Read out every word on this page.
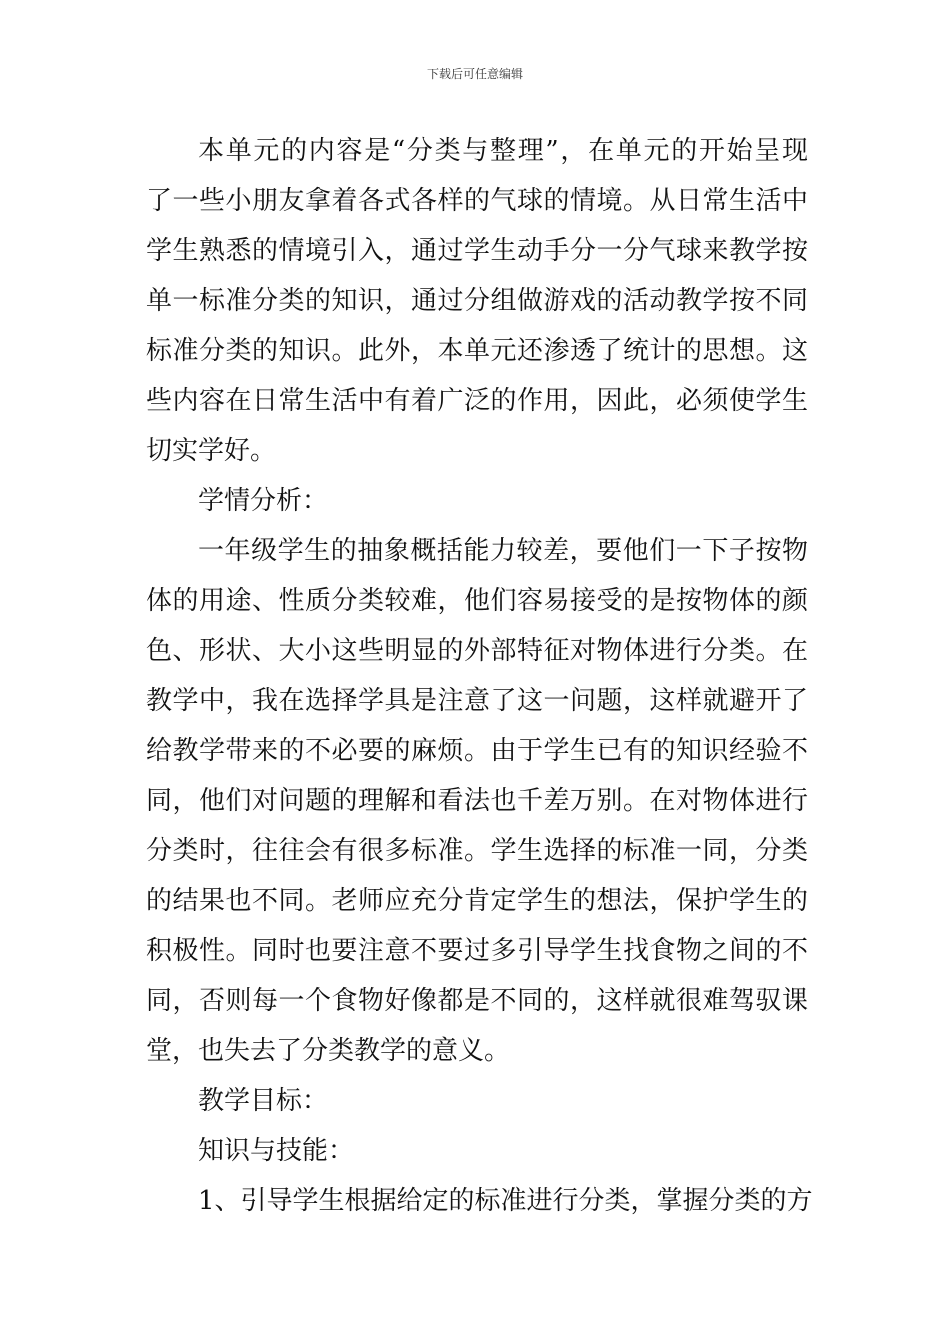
下载后可任意编辑
本单元的内容是“分类与整理”，在单元的开始呈现
了一些小朋友拿着各式各样的气球的情境。从日常生活中
学生熟悉的情境引入，通过学生动手分一分气球来教学按
单一标准分类的知识，通过分组做游戏的活动教学按不同
标准分类的知识。此外，本单元还渗透了统计的思想。这
些内容在日常生活中有着广泛的作用，因此，必须使学生
切实学好。
学情分析：
一年级学生的抽象概括能力较差，要他们一下子按物
体的用途、性质分类较难，他们容易接受的是按物体的颜
色、形状、大小这些明显的外部特征对物体进行分类。在
教学中，我在选择学具是注意了这一问题，这样就避开了
给教学带来的不必要的麻烦。由于学生已有的知识经验不
同，他们对问题的理解和看法也千差万别。在对物体进行
分类时，往往会有很多标准。学生选择的标准一同，分类
的结果也不同。老师应充分肯定学生的想法，保护学生的
积极性。同时也要注意不要过多引导学生找食物之间的不
同，否则每一个食物好像都是不同的，这样就很难驾驭课
堂，也失去了分类教学的意义。
教学目标：
知识与技能：
1、引导学生根据给定的标准进行分类，掌握分类的方
